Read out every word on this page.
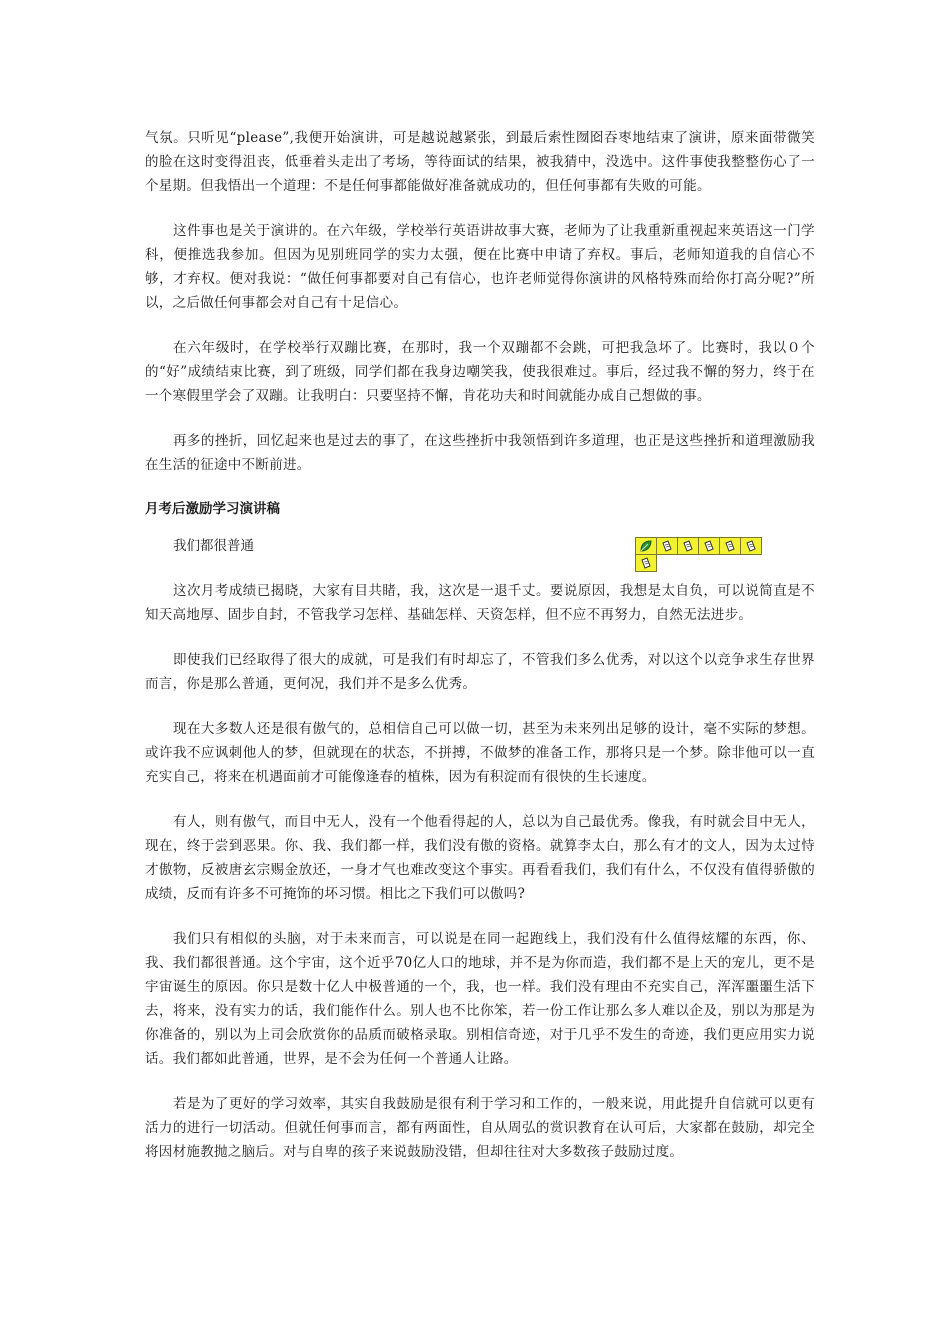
气氛。只听见“please”,我便开始演讲，可是越说越紧张，到最后索性囫囵吞枣地结束了演讲，原来面带微笑的脸在这时变得沮丧，低垂着头走出了考场，等待面试的结果，被我猜中，没选中。这件事使我整整伤心了一个星期。但我悟出一个道理：不是任何事都能做好准备就成功的，但任何事都有失败的可能。

这件事也是关于演讲的。在六年级，学校举行英语讲故事大赛，老师为了让我重新重视起来英语这一门学科，便推选我参加。但因为见别班同学的实力太强，便在比赛中申请了弃权。事后，老师知道我的自信心不够，才弃权。便对我说：“做任何事都要对自己有信心，也许老师觉得你演讲的风格特殊而给你打高分呢?”所以，之后做任何事都会对自己有十足信心。

在六年级时，在学校举行双蹦比赛，在那时，我一个双蹦都不会跳，可把我急坏了。比赛时，我以０个的“好”成绩结束比赛，到了班级，同学们都在我身边嘲笑我，使我很难过。事后，经过我不懈的努力，终于在一个寒假里学会了双蹦。让我明白：只要坚持不懈，肯花功夫和时间就能办成自己想做的事。

再多的挫折，回忆起来也是过去的事了，在这些挫折中我领悟到许多道理，也正是这些挫折和道理激励我在生活的征途中不断前进。

月考后激励学习演讲稿

我们都很普通

这次月考成绩已揭晓，大家有目共睹，我，这次是一退千丈。要说原因，我想是太自负，可以说简直是不知天高地厚、固步自封，不管我学习怎样、基础怎样、天资怎样，但不应不再努力，自然无法进步。

即使我们已经取得了很大的成就，可是我们有时却忘了，不管我们多么优秀，对以这个以竞争求生存世界而言，你是那么普通，更何况，我们并不是多么优秀。

现在大多数人还是很有傲气的，总相信自己可以做一切，甚至为未来列出足够的设计，毫不实际的梦想。或许我不应讽刺他人的梦，但就现在的状态，不拼搏，不做梦的准备工作，那将只是一个梦。除非他可以一直充实自己，将来在机遇面前才可能像逢春的植株，因为有积淀而有很快的生长速度。

有人，则有傲气，而目中无人，没有一个他看得起的人，总以为自己最优秀。像我，有时就会目中无人，现在，终于尝到恶果。你、我、我们都一样，我们没有傲的资格。就算李太白，那么有才的文人，因为太过恃才傲物，反被唐玄宗赐金放还，一身才气也难改变这个事实。再看看我们，我们有什么，不仅没有值得骄傲的成绩，反而有许多不可掩饰的坏习惯。相比之下我们可以傲吗?

我们只有相似的头脑，对于未来而言，可以说是在同一起跑线上，我们没有什么值得炫耀的东西，你、我、我们都很普通。这个宇宙，这个近乎70亿人口的地球，并不是为你而造，我们都不是上天的宠儿，更不是宇宙诞生的原因。你只是数十亿人中极普通的一个，我，也一样。我们没有理由不充实自己，浑浑噩噩生活下去，将来，没有实力的话，我们能作什么。别人也不比你笨，若一份工作让那么多人难以企及，别以为那是为你准备的，别以为上司会欣赏你的品质而破格录取。别相信奇迹，对于几乎不发生的奇迹，我们更应用实力说话。我们都如此普通，世界，是不会为任何一个普通人让路。

若是为了更好的学习效率，其实自我鼓励是很有利于学习和工作的，一般来说，用此提升自信就可以更有活力的进行一切活动。但就任何事而言，都有两面性，自从周弘的赏识教育在认可后，大家都在鼓励，却完全将因材施教抛之脑后。对与自卑的孩子来说鼓励没错，但却往往对大多数孩子鼓励过度。
